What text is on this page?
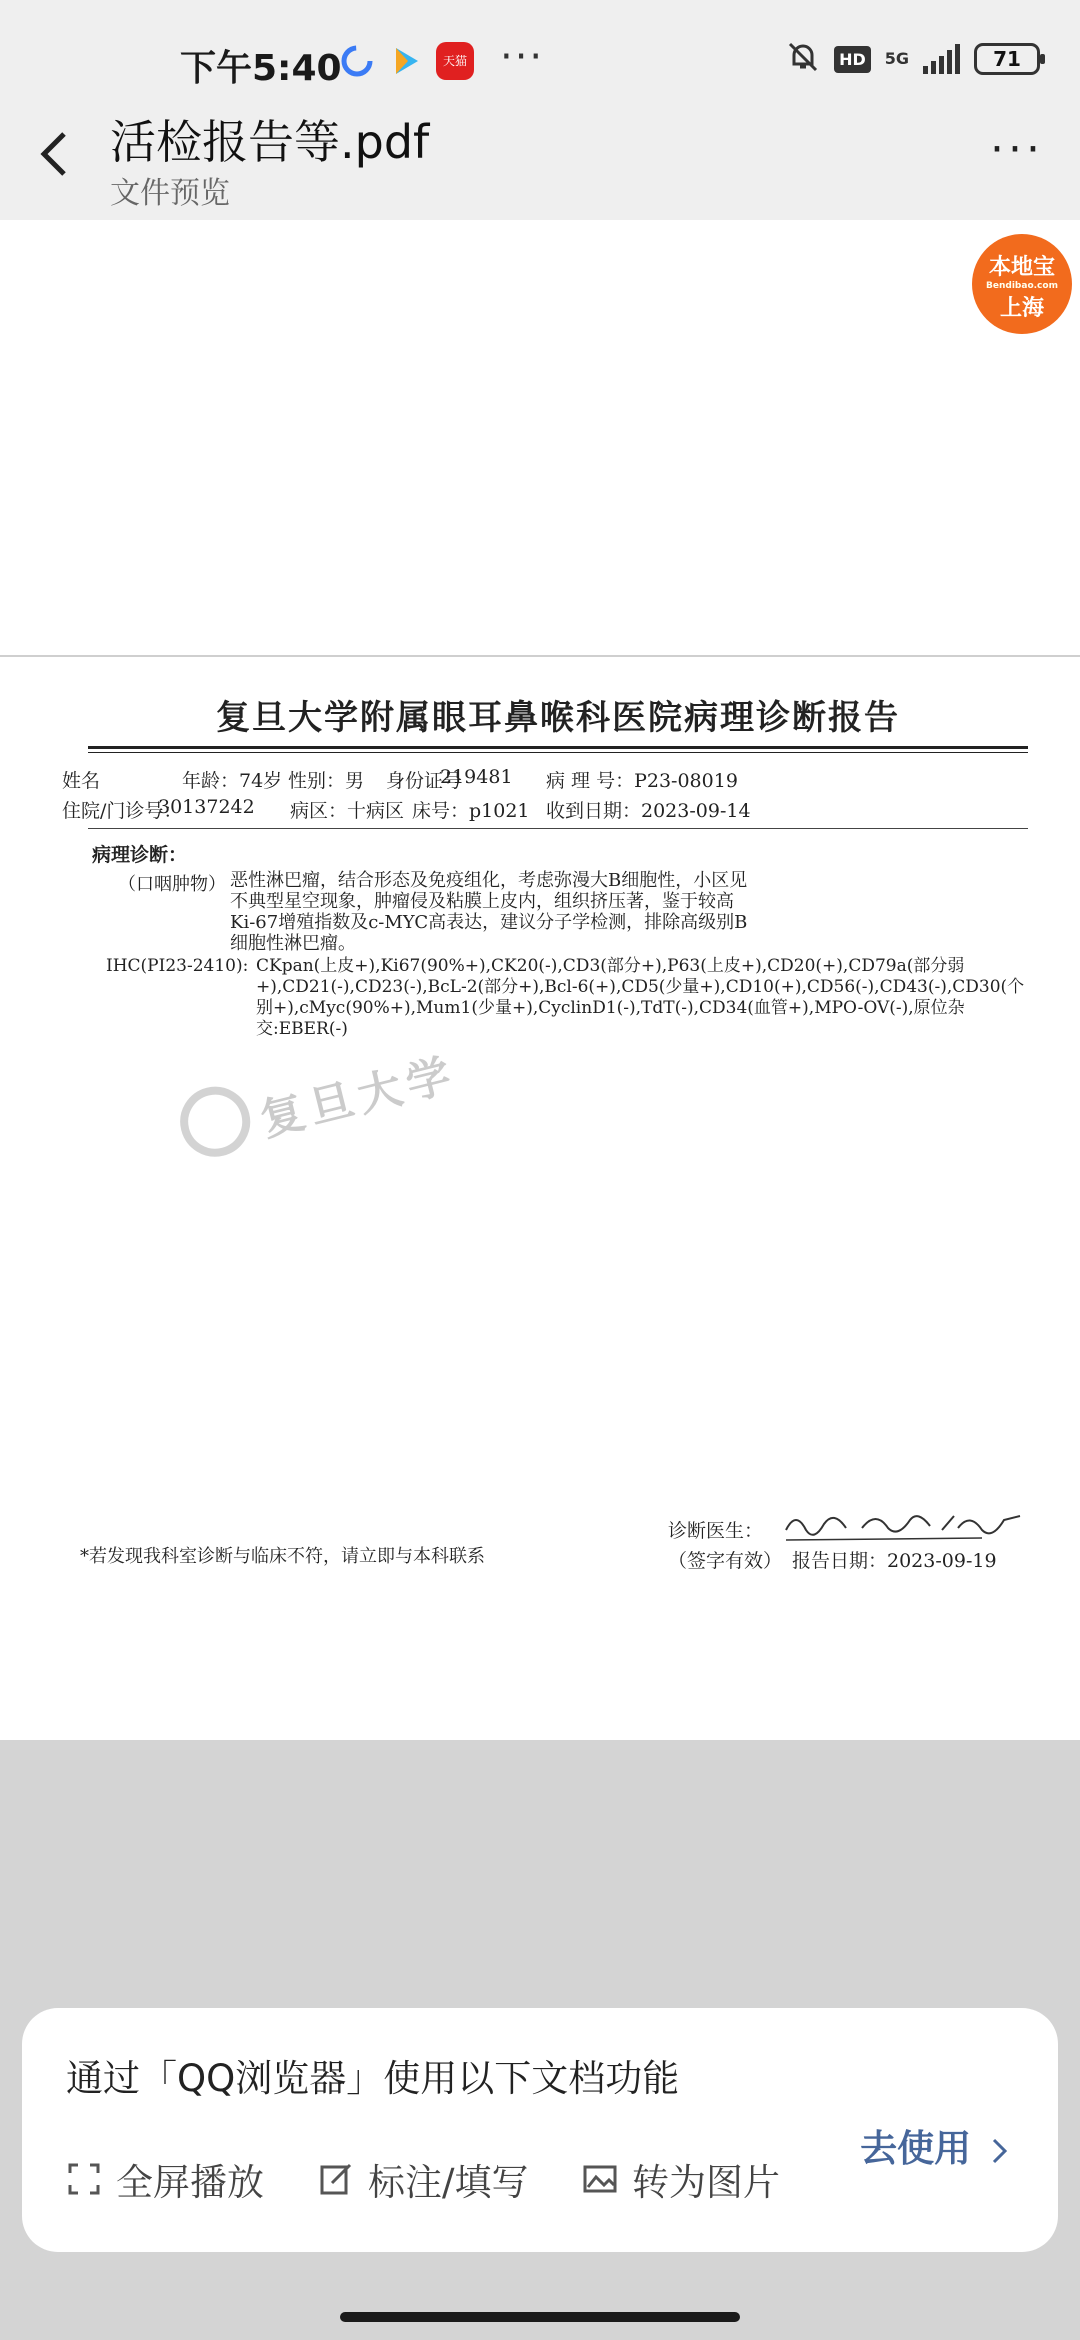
下午5:40	天猫 ···	HD	5G	71
活检报告等.pdf
文件预览
···
本地宝
Bendibao.com
上海
复旦大学附属眼耳鼻喉科医院病理诊断报告
姓名	年龄：74岁 性别：男 身份证号
219481 病 理 号：P23-08019
住院/门诊号：
30137242 病区：十病区 床号：p1021 收到日期：2023-09-14
病理诊断：
（口咽肿物） 恶性淋巴瘤，结合形态及免疫组化，考虑弥漫大B细胞性，小区见不典型星空现象，肿瘤侵及粘膜上皮内，组织挤压著，鉴于较高Ki-67增殖指数及c-MYC高表达，建议分子学检测，排除高级别B细胞性淋巴瘤。
IHC(PI23-2410): CKpan(上皮+),Ki67(90%+),CK20(-),CD3(部分+),P63(上皮+),CD20(+),CD79a(部分弱+),CD21(-),CD23(-),BcL-2(部分+),Bcl-6(+),CD5(少量+),CD10(+),CD56(-),CD43(-),CD30(个别+),cMyc(90%+),Mum1(少量+),CyclinD1(-),TdT(-),CD34(血管+),MPO-OV(-),原位杂交:EBER(-)
复旦大学
诊断医生：
（签字有效） 报告日期：2023-09-19
*若发现我科室诊断与临床不符，请立即与本科联系
通过「QQ浏览器」使用以下文档功能
全屏播放	标注/填写	转为图片
去使用
